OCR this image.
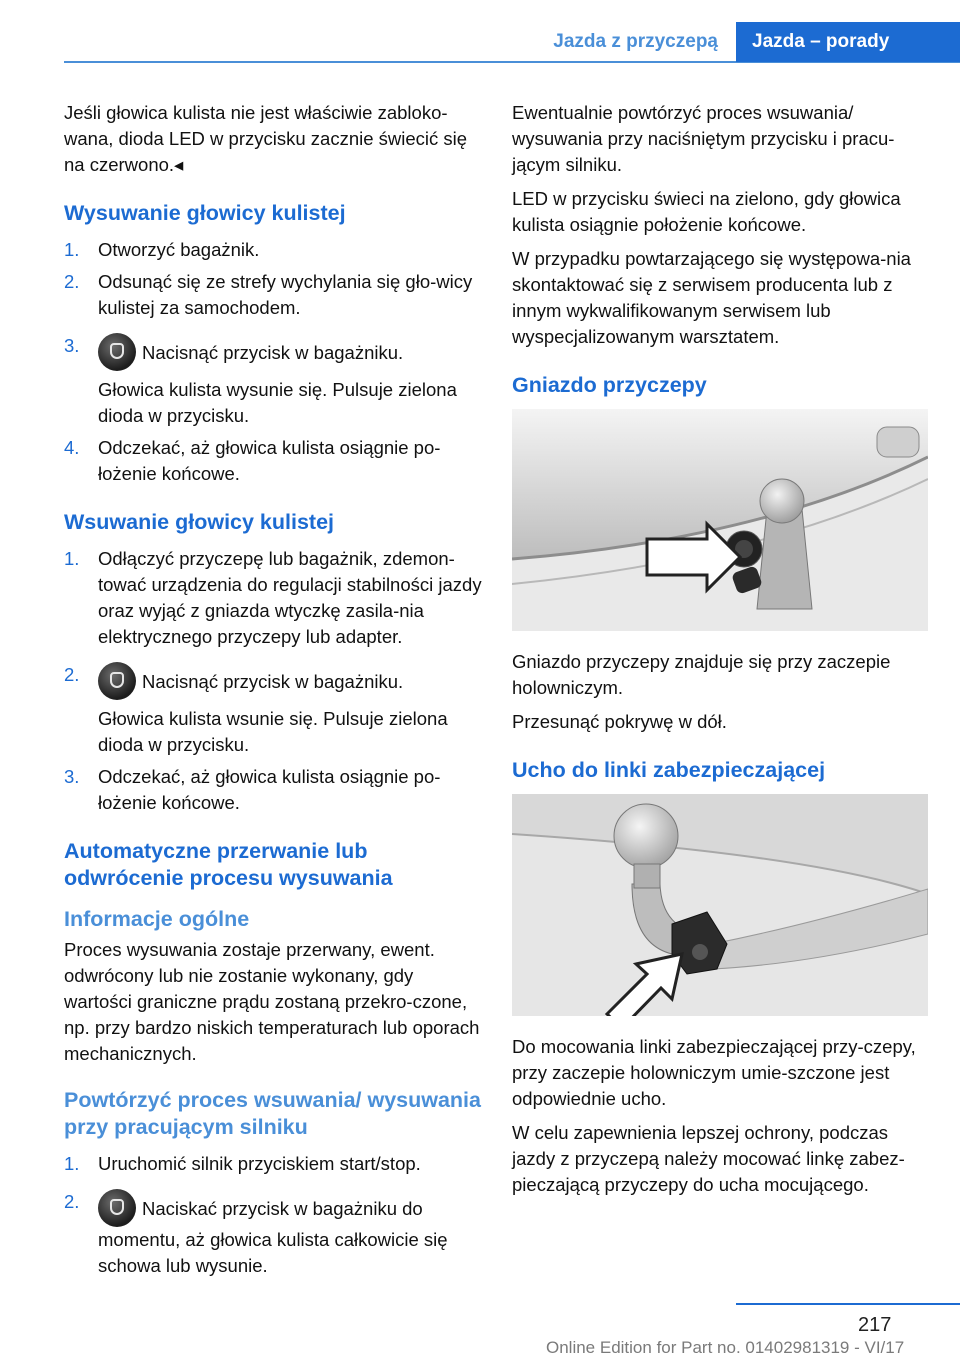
Jazda z przyczepą	Jazda – porady

Jeśli głowica kulista nie jest właściwie zabloko-wana, dioda LED w przycisku zacznie świecić się na czerwono.◂

Wysuwanie głowicy kulistej
1. Otworzyć bagażnik.
2. Odsunąć się ze strefy wychylania się gło-wicy kulistej za samochodem.
3.	Nacisnąć przycisk w bagażniku.
Głowica kulista wysunie się. Pulsuje zielona dioda w przycisku.
4. Odczekać, aż głowica kulista osiągnie po-łożenie końcowe.
Wsuwanie głowicy kulistej
1. Odłączyć przyczepę lub bagażnik, zdemon-tować urządzenia do regulacji stabilności jazdy oraz wyjąć z gniazda wtyczkę zasila-nia elektrycznego przyczepy lub adapter.
2.	Nacisnąć przycisk w bagażniku.
Głowica kulista wsunie się. Pulsuje zielona dioda w przycisku.
3. Odczekać, aż głowica kulista osiągnie po-łożenie końcowe.
Automatyczne przerwanie lub odwrócenie procesu wysuwania
Informacje ogólne

Proces wysuwania zostaje przerwany, ewent. odwrócony lub nie zostanie wykonany, gdy wartości graniczne prądu zostaną przekro-czone, np. przy bardzo niskich temperaturach lub oporach mechanicznych.

Powtórzyć proces wsuwania/ wysuwania przy pracującym silniku
1. Uruchomić silnik przyciskiem start/stop.
2.	Naciskać przycisk w bagażniku do momentu, aż głowica kulista całkowicie się schowa lub wysunie.

Ewentualnie powtórzyć proces wsuwania/ wysuwania przy naciśniętym przycisku i pracu-jącym silniku.

LED w przycisku świeci na zielono, gdy głowica kulista osiągnie położenie końcowe.

W przypadku powtarzającego się występowa-nia skontaktować się z serwisem producenta lub z innym wykwalifikowanym serwisem lub wyspecjalizowanym warsztatem.

Gniazdo przyczepy

Gniazdo przyczepy znajduje się przy zaczepie holowniczym.

Przesunąć pokrywę w dół.

Ucho do linki zabezpieczającej

Do mocowania linki zabezpieczającej przy-czepy, przy zaczepie holowniczym umie-szczone jest odpowiednie ucho.

W celu zapewnienia lepszej ochrony, podczas jazdy z przyczepą należy mocować linkę zabez-pieczającą przyczepy do ucha mocującego.

217
Online Edition for Part no. 01402981319 - VI/17
